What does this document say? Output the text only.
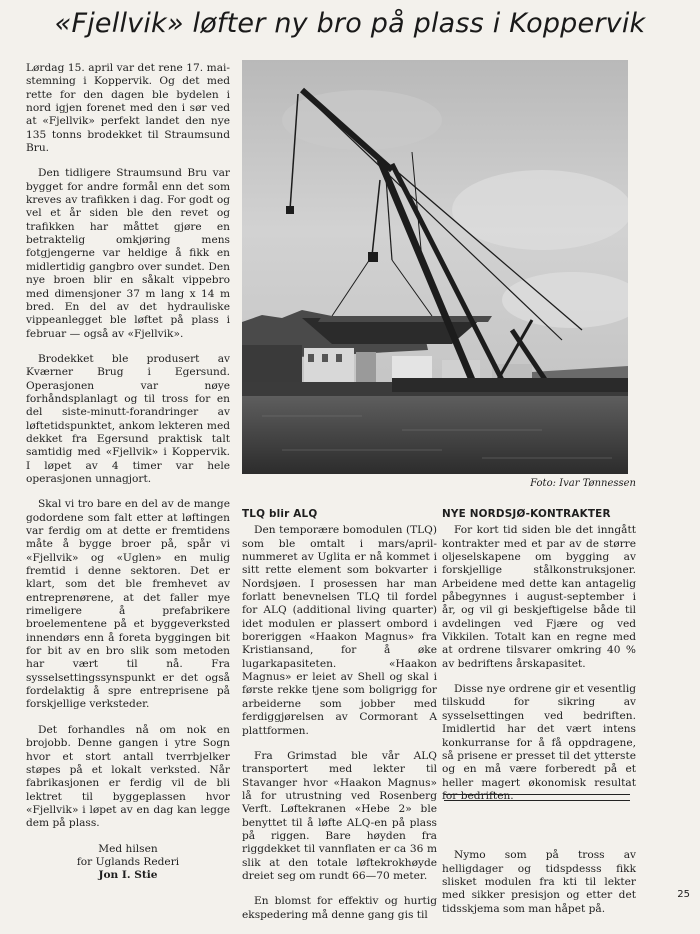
«Fjellvik» løfter ny bro på plass i Koppervik
Foto: Ivar Tønnessen

Lørdag 15. april var det rene 17. mai-stemning i Koppervik. Og det med rette for den dagen ble bydelen i nord igjen forenet med den i sør ved at «Fjellvik» perfekt landet den nye 135 tonns brodekket til Straumsund Bru.

Den tidligere Straumsund Bru var bygget for andre formål enn det som kreves av trafikken i dag. For godt og vel et år siden ble den revet og trafikken har måttet gjøre en betraktelig omkjøring mens fotgjengerne var heldige å fikk en midlertidig gangbro over sundet. Den nye broen blir en såkalt vippebro med dimensjoner 37 m lang x 14 m bred. En del av det hydrauliske vippeanlegget ble løftet på plass i februar — også av «Fjellvik».

Brodekket ble produsert av Kværner Brug i Egersund. Operasjonen var nøye forhåndsplanlagt og til tross for en del siste-minutt-forandringer av løftetidspunktet, ankom lekteren med dekket fra Egersund praktisk talt samtidig med «Fjellvik» i Koppervik. I løpet av 4 timer var hele operasjonen unnagjort.

Skal vi tro bare en del av de mange godordene som falt etter at løftingen var ferdig om at dette er fremtidens måte å bygge broer på, spår vi «Fjellvik» og «Uglen» en mulig fremtid i denne sektoren. Det er klart, som det ble fremhevet av entreprenørene, at det faller mye rimeligere å prefabrikere broelementene på et byggeverksted innendørs enn å foreta byggingen bit for bit av en bro slik som metoden har vært til nå. Fra sysselsettingssynspunkt er det også fordelaktig å spre entreprisene på forskjellige verksteder.

Det forhandles nå om nok en brojobb. Denne gangen i ytre Sogn hvor et stort antall tverrbjelker støpes på et lokalt verksted. Når fabrikasjonen er ferdig vil de bli lektret til byggeplassen hvor «Fjellvik» i løpet av en dag kan legge dem på plass.

Med hilsen
for Uglands Rederi
Jon I. Stie
TLQ blir ALQ

Den temporære bomodulen (TLQ) som ble omtalt i mars/april-nummeret av Uglita er nå kommet i sitt rette element som bokvarter i Nordsjøen. I prosessen har man forlatt benevnelsen TLQ til fordel for ALQ (additional living quarter) idet modulen er plassert ombord i boreriggen «Haakon Magnus» fra Kristiansand, for å øke lugarkapasiteten. «Haakon Magnus» er leiet av Shell og skal i første rekke tjene som boligrigg for arbeiderne som jobber med ferdiggjørelsen av Cormorant A plattformen.

Fra Grimstad ble vår ALQ transportert med lekter til Stavanger hvor «Haakon Magnus» lå for utrustning ved Rosenberg Verft. Løftekranen «Hebe 2» ble benyttet til å løfte ALQ-en på plass på riggen. Bare høyden fra riggdekket til vannflaten er ca 36 m slik at den totale løftekrokhøyde dreiet seg om rundt 66—70 meter.

En blomst for effektiv og hurtig ekspedering må denne gang gis til

NYE NORDSJØ-KONTRAKTER

For kort tid siden ble det inngått kontrakter med et par av de større oljeselskapene om bygging av forskjellige stålkonstruksjoner. Arbeidene med dette kan antagelig påbegynnes i august-september i år, og vil gi beskjeftigelse både til avdelingen ved Fjære og ved Vikkilen. Totalt kan en regne med at ordrene tilsvarer omkring 40 % av bedriftens årskapasitet.

Disse nye ordrene gir et vesentlig tilskudd for sikring av sysselsettingen ved bedriften. Imidlertid har det vært intens konkurranse for å få oppdragene, så prisene er presset til det ytterste og en må være forberedt på et heller magert økonomisk resultat for bedriften.

Nymo som på tross av helligdager og tidspdesss fikk slisket modulen fra kti til lekter med sikker presisjon og etter det tidsskjema som man håpet på.

25
